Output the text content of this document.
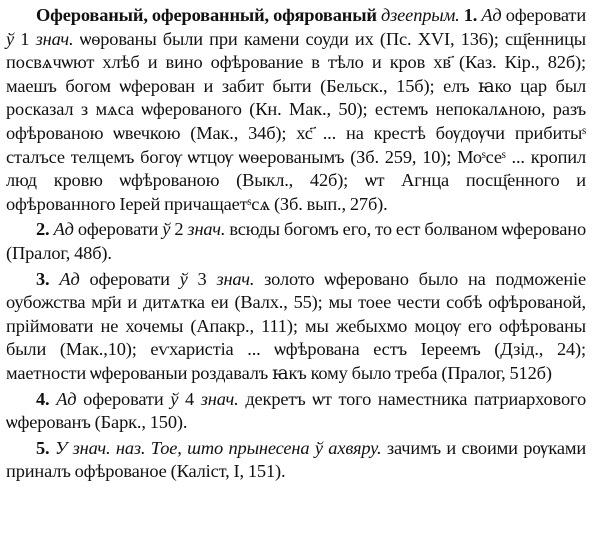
Оферованый, оферованный, офярованый дзеепрым. 1. Ад оферовати ў 1 знач. ѡѳрованы были при камени соуди их (Пс. XVI, 136); сщ҃енницы посвѧчѡют хлѣб и вино офѣрование в тѣло и кров хв҃ (Каз. Кір., 82б); маешъ богом ѡферован и забит быти (Бельск., 15б); елъ ꙗко цар был росказал з мѧса ѡферованого (Кн. Мак., 50); естемъ непокалѧною, разъ офѣрованою ѡвечкою (Мак., 34б); хс҃ ... на крестѣ бѹдѹчи прибитыˢ сталъсе телцемъ богѹ ѡтцѹ ѡѳерованымъ (Зб. 259, 10); Моˢсеˢ ... кропил люд кровю ѡфѣрованою (Выкл., 42б); ѡт Агнца посщ҃енного и офѣрованного Іерей причащаетˢсѧ (Зб. вып., 27б).

2. Ад оферовати ў 2 знач. всюды богомъ его, то ест болваном ѡферовано (Пралог, 48б).

3. Ад оферовати ў 3 знач. золото ѡферовано было на подможеніе оубожства мр҃и и дитѧтка еи (Валх., 55); мы тоее чести собѣ офѣрованой, пріймовати не хочемы (Апакр., 111); мы жебыхмо моцѹ его офѣрованы были (Мак.,10); еѵхаристіа ... ѡфѣрована естъ Іереемъ (Дзід., 24); маетности ѡферованыи роздавалъ ꙗкъ кому было треба (Пралог, 512б)

4. Ад оферовати ў 4 знач. декретъ ѡт того наместника патриархового ѡферованъ (Барк., 150).

5. У знач. наз. Тое, што прынесена ў ахвяру. зачимъ и своими рѹками приналъ офѣрованое (Каліст, I, 151).
